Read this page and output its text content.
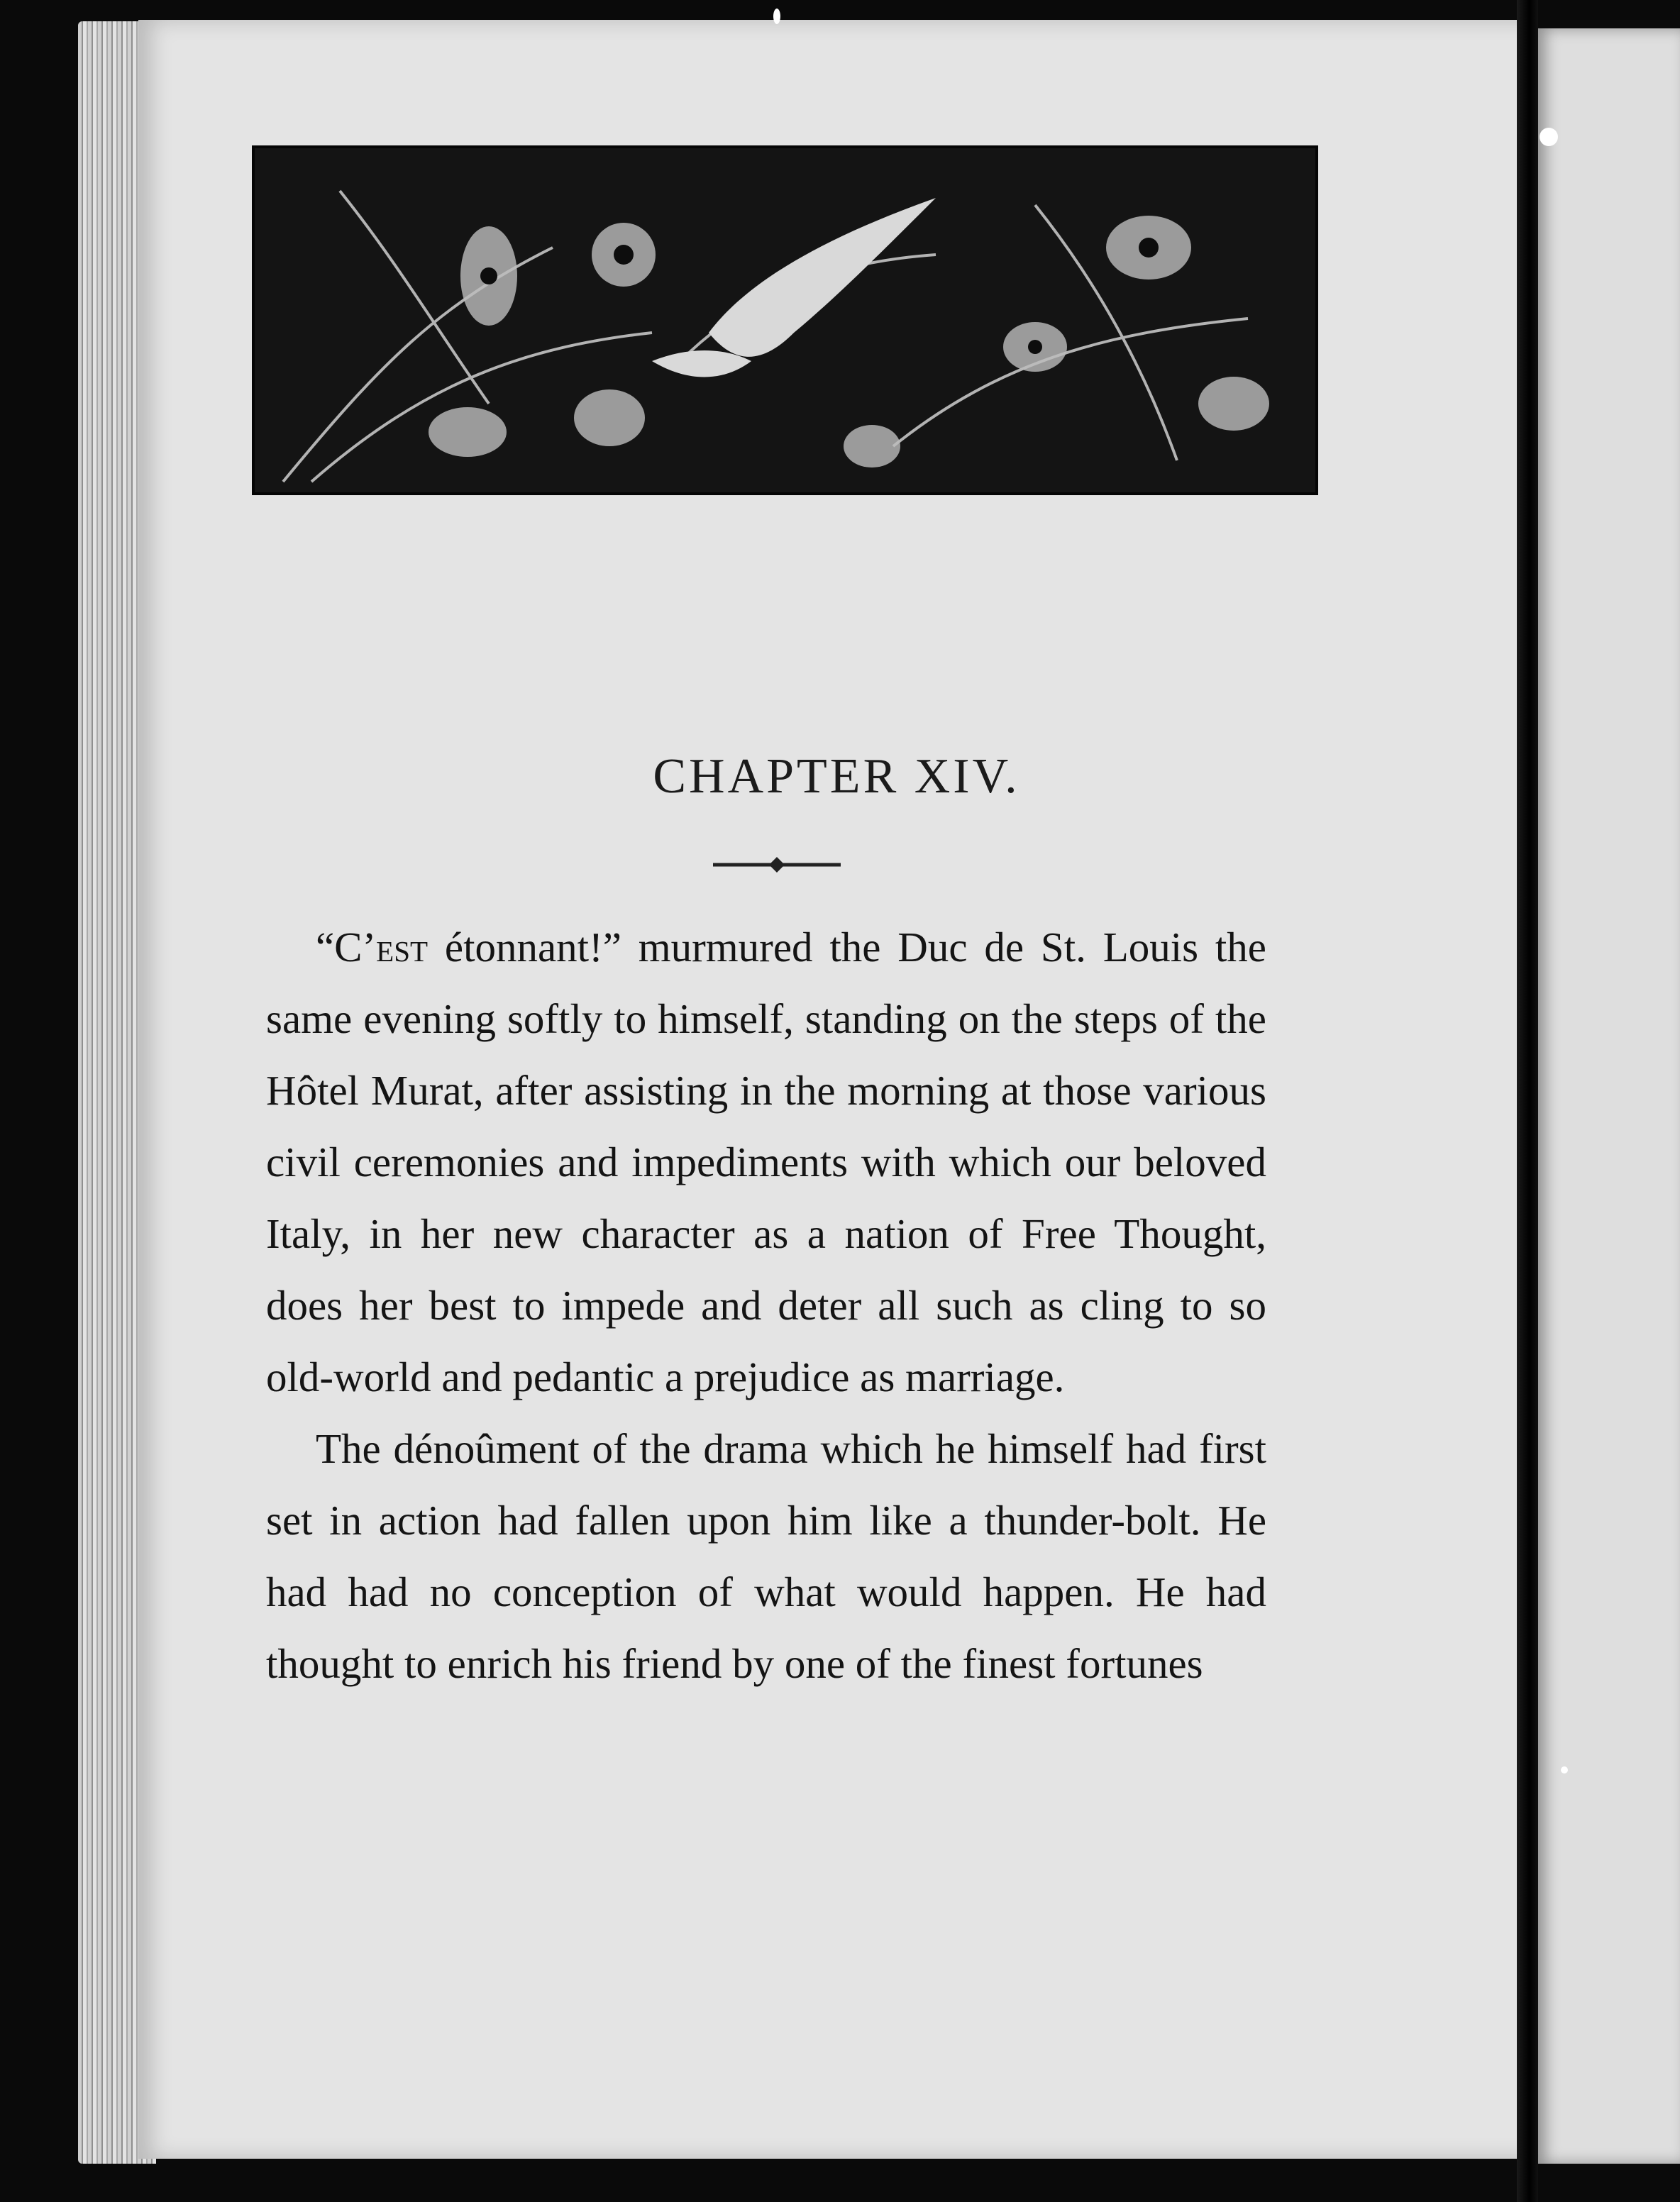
CHAPTER XIV.

“C’est étonnant!” murmured the Duc de St. Louis the same evening softly to himself, standing on the steps of the Hôtel Murat, after assisting in the morning at those various civil ceremonies and impediments with which our beloved Italy, in her new character as a nation of Free Thought, does her best to impede and deter all such as cling to so old-world and pedantic a prejudice as marriage.

The dénoûment of the drama which he himself had first set in action had fallen upon him like a thunder-bolt. He had had no conception of what would happen. He had thought to enrich his friend by one of the finest fortunes
